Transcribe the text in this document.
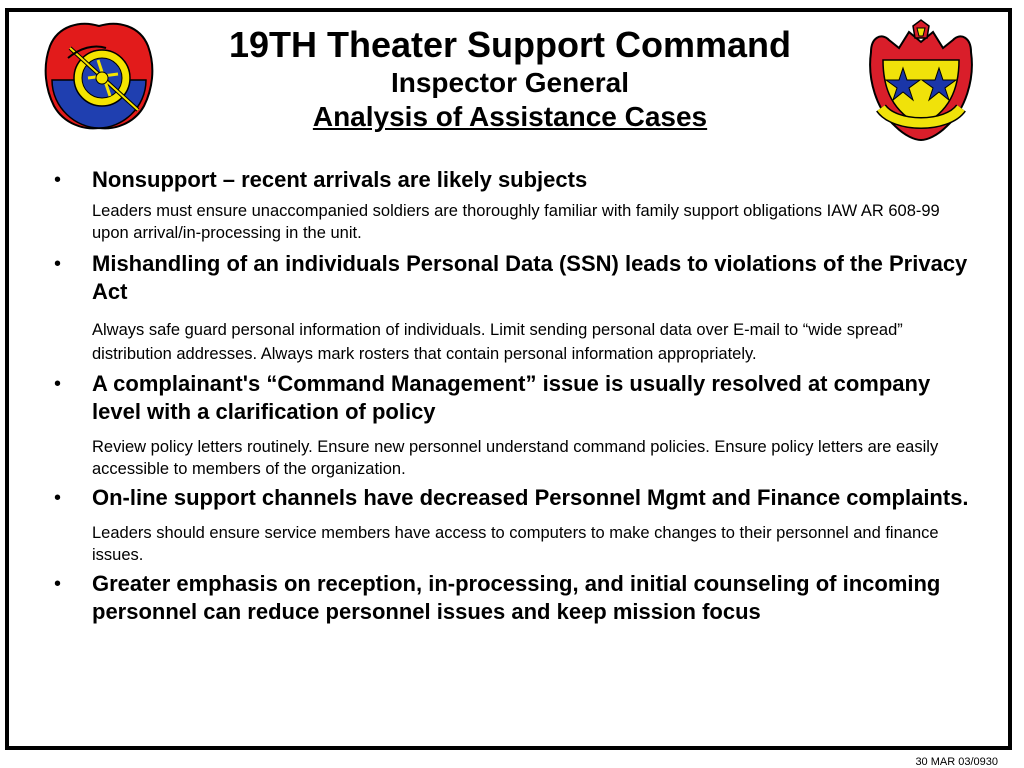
19TH Theater Support Command
Inspector General
Analysis of Assistance Cases
• Nonsupport – recent arrivals are likely subjects

Leaders must ensure unaccompanied soldiers are thoroughly familiar with family support obligations IAW AR 608-99 upon arrival/in-processing in the unit.

• Mishandling of an individuals Personal Data (SSN) leads to violations of the Privacy Act

Always safe guard personal information of individuals. Limit sending personal data over E-mail to “wide spread” distribution addresses. Always mark rosters that contain personal information appropriately.

• A complainant's “Command Management” issue is usually resolved at company level with a clarification of policy

Review policy letters routinely. Ensure new personnel understand command policies. Ensure policy letters are easily accessible to members of the organization.

• On-line support channels have decreased Personnel Mgmt and Finance complaints.

Leaders should ensure service members have access to computers to make changes to their personnel and finance issues.

• Greater emphasis on reception, in-processing, and initial counseling of incoming personnel can reduce personnel issues and keep mission focus

30 MAR 03/0930
